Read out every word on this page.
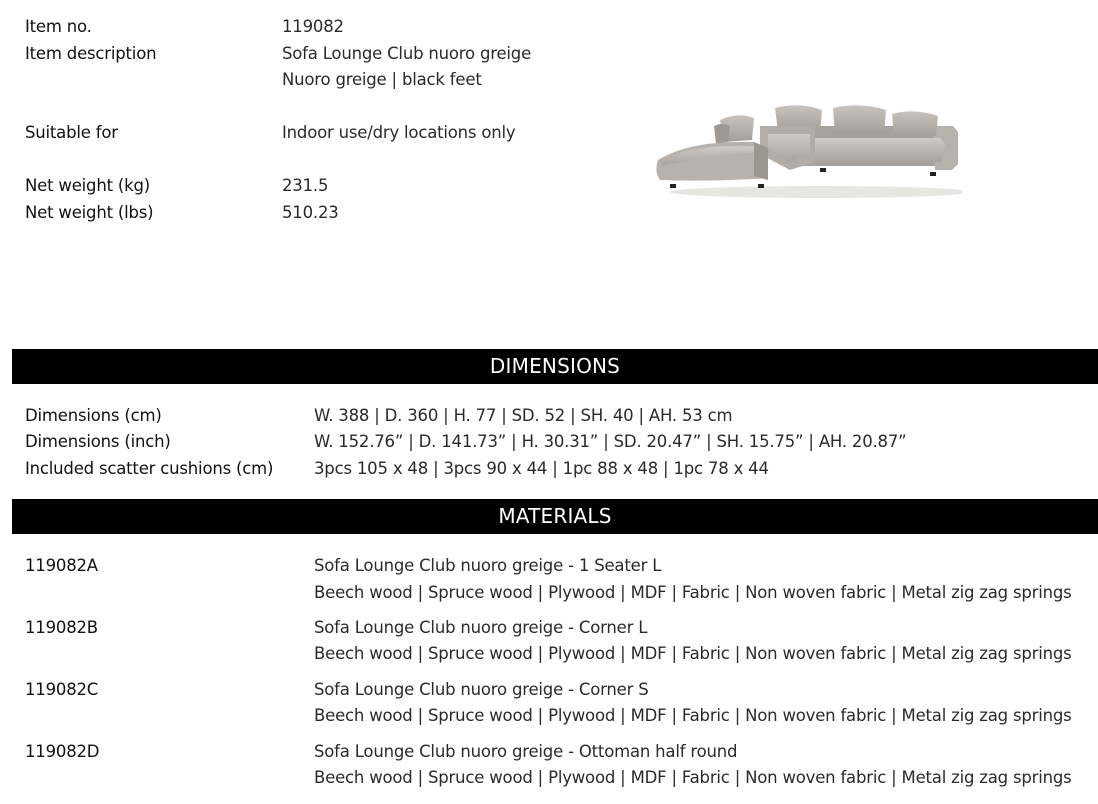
Item no.	119082
Item description	Sofa Lounge Club nuoro greige
Nuoro greige | black feet
Suitable for	Indoor use/dry locations only
Net weight (kg)	231.5
Net weight (lbs)	510.23
DIMENSIONS
Dimensions (cm)	W. 388 | D. 360 | H. 77 | SD. 52 | SH. 40 | AH. 53 cm
Dimensions (inch)	W. 152.76” | D. 141.73” | H. 30.31” | SD. 20.47” | SH. 15.75” | AH. 20.87”
Included scatter cushions (cm) 3pcs 105 x 48 | 3pcs 90 x 44 | 1pc 88 x 48 | 1pc 78 x 44
MATERIALS
119082A	Sofa Lounge Club nuoro greige - 1 Seater L
Beech wood | Spruce wood | Plywood | MDF | Fabric | Non woven fabric | Metal zig zag springs
119082B	Sofa Lounge Club nuoro greige - Corner L
Beech wood | Spruce wood | Plywood | MDF | Fabric | Non woven fabric | Metal zig zag springs
119082C	Sofa Lounge Club nuoro greige - Corner S
Beech wood | Spruce wood | Plywood | MDF | Fabric | Non woven fabric | Metal zig zag springs
119082D	Sofa Lounge Club nuoro greige - Ottoman half round
Beech wood | Spruce wood | Plywood | MDF | Fabric | Non woven fabric | Metal zig zag springs
